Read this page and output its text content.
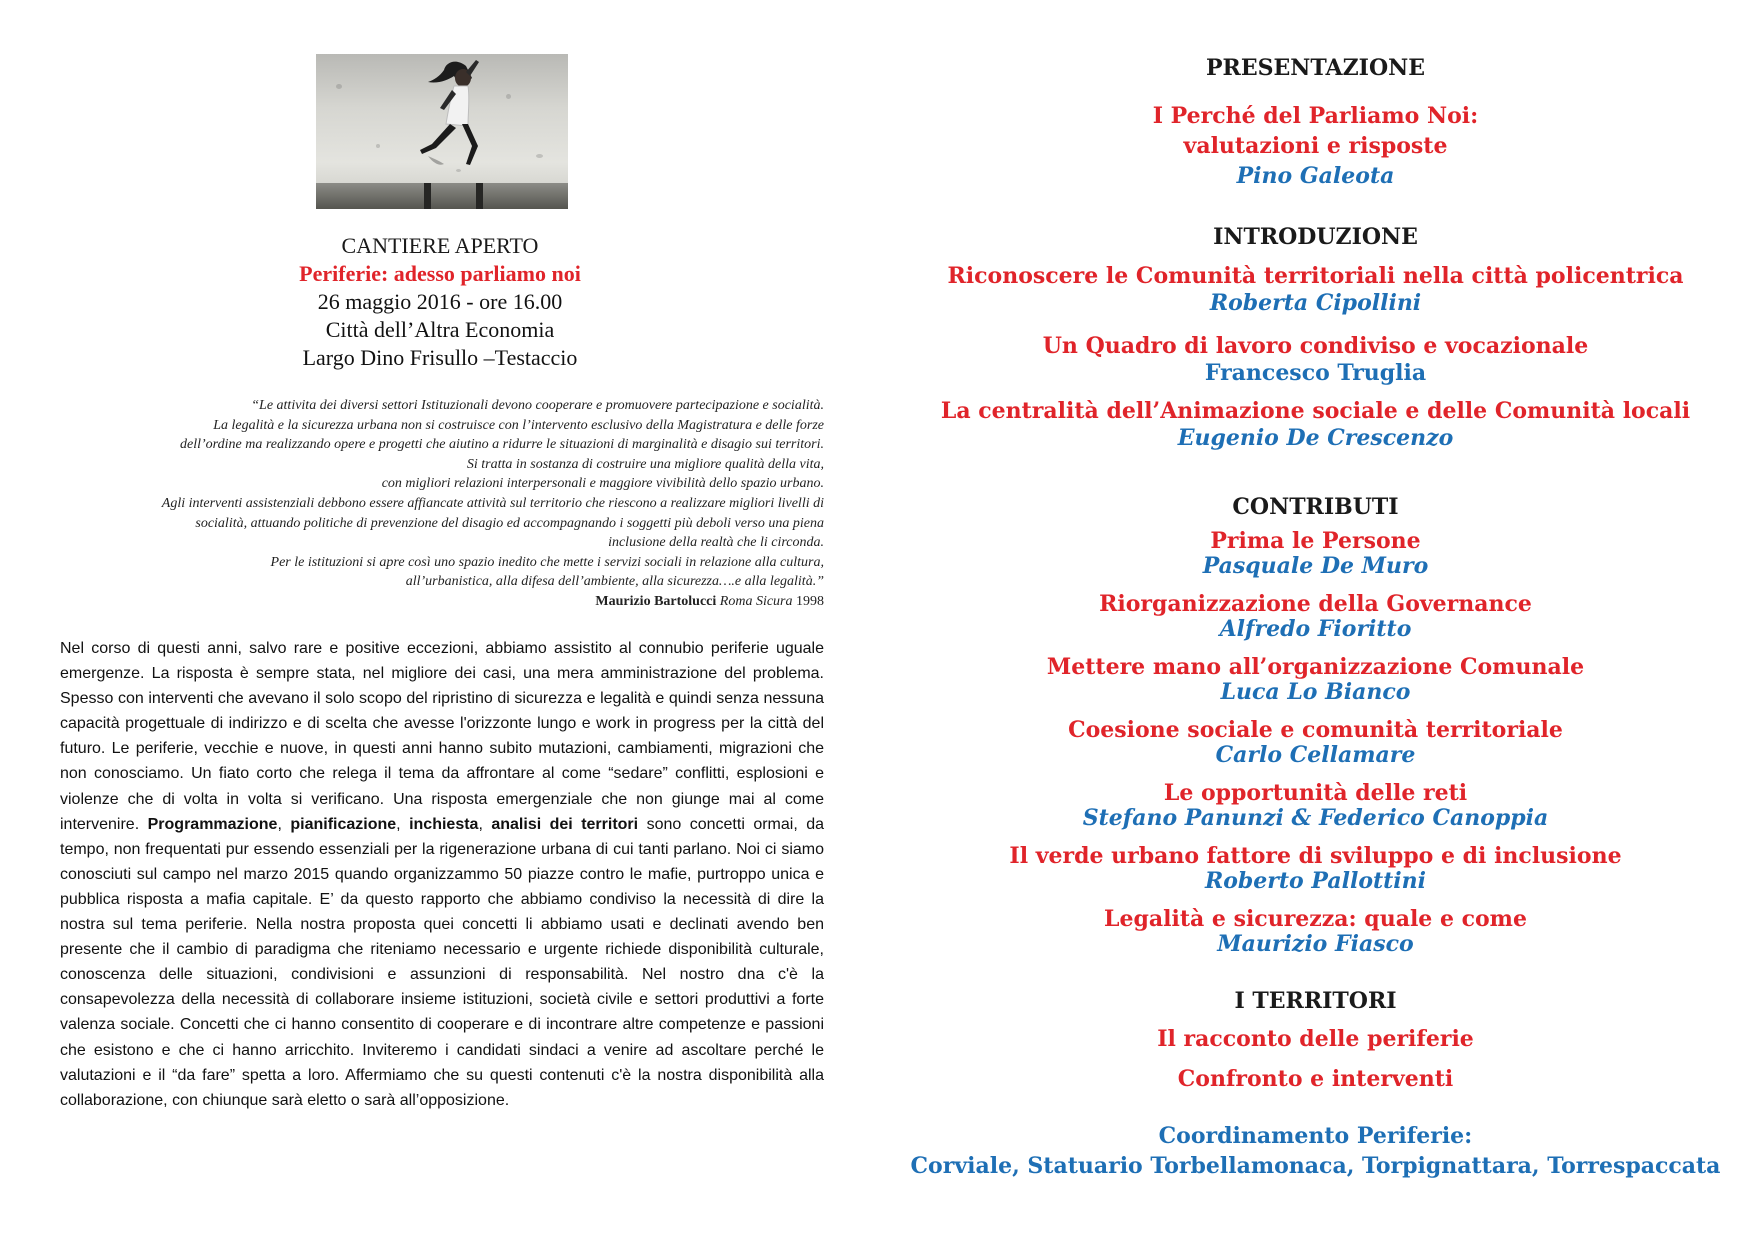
CANTIERE APERTO
Periferie: adesso parliamo noi
26 maggio 2016 - ore 16.00
Città dell’Altra Economia
Largo Dino Frisullo –Testaccio
“Le attivita dei diversi settori Istituzionali devono cooperare e promuovere partecipazione e socialità.
La legalità e la sicurezza urbana non si costruisce con l’intervento esclusivo della Magistratura e delle forze
dell’ordine ma realizzando opere e progetti che aiutino a ridurre le situazioni di marginalità e disagio sui territori.
Si tratta in sostanza di costruire una migliore qualità della vita,
con migliori relazioni interpersonali e maggiore vivibilità dello spazio urbano.
Agli interventi assistenziali debbono essere affiancate attività sul territorio che riescono a realizzare migliori livelli di
socialità, attuando politiche di prevenzione del disagio ed accompagnando i soggetti più deboli verso una piena
inclusione della realtà che li circonda.
Per le istituzioni si apre così uno spazio inedito che mette i servizi sociali in relazione alla cultura,
all’urbanistica, alla difesa dell’ambiente, alla sicurezza….e alla legalità.”
Maurizio Bartolucci Roma Sicura 1998
Nel corso di questi anni, salvo rare e positive eccezioni, abbiamo assistito al connubio periferie uguale emergenze. La risposta è sempre stata, nel migliore dei casi, una mera amministrazione del problema. Spesso con interventi che avevano il solo scopo del ripristino di sicurezza e legalità e quindi senza nessuna capacità progettuale di indirizzo e di scelta che avesse l'orizzonte lungo e work in progress per la città del futuro. Le periferie, vecchie e nuove, in questi anni hanno subito mutazioni, cambiamenti, migrazioni che non conosciamo. Un fiato corto che relega il tema da affrontare al come “sedare” conflitti, esplosioni e violenze che di volta in volta si verificano. Una risposta emergenziale che non giunge mai al come intervenire. Programmazione, pianificazione, inchiesta, analisi dei territori sono concetti ormai, da tempo, non frequentati pur essendo essenziali per la rigenerazione urbana di cui tanti parlano. Noi ci siamo conosciuti sul campo nel marzo 2015 quando organizzammo 50 piazze contro le mafie, purtroppo unica e pubblica risposta a mafia capitale. E’ da questo rapporto che abbiamo condiviso la necessità di dire la nostra sul tema periferie. Nella nostra proposta quei concetti li abbiamo usati e declinati avendo ben presente che il cambio di paradigma che riteniamo necessario e urgente richiede disponibilità culturale, conoscenza delle situazioni, condivisioni e assunzioni di responsabilità. Nel nostro dna c'è la consapevolezza della necessità di collaborare insieme istituzioni, società civile e settori produttivi a forte valenza sociale. Concetti che ci hanno consentito di cooperare e di incontrare altre competenze e passioni che esistono e che ci hanno arricchito. Inviteremo i candidati sindaci a venire ad ascoltare perché le valutazioni e il “da fare” spetta a loro. Affermiamo che su questi contenuti c'è la nostra disponibilità alla collaborazione, con chiunque sarà eletto o sarà all’opposizione.
PRESENTAZIONE
I Perché del Parliamo Noi:
valutazioni e risposte
Pino Galeota
INTRODUZIONE
Riconoscere le Comunità territoriali nella città policentrica
Roberta Cipollini
Un Quadro di lavoro condiviso e vocazionale
Francesco Truglia
La centralità dell’Animazione sociale e delle Comunità locali
Eugenio De Crescenzo
CONTRIBUTI
Prima le Persone
Pasquale De Muro
Riorganizzazione della Governance
Alfredo Fioritto
Mettere mano all’organizzazione Comunale
Luca Lo Bianco
Coesione sociale e comunità territoriale
Carlo Cellamare
Le opportunità delle reti
Stefano Panunzi & Federico Canoppia
Il verde urbano fattore di sviluppo e di inclusione
Roberto Pallottini
Legalità e sicurezza: quale e come
Maurizio Fiasco
I TERRITORI
Il racconto delle periferie
Confronto e interventi
Coordinamento Periferie:
Corviale, Statuario Torbellamonaca, Torpignattara, Torrespaccata
